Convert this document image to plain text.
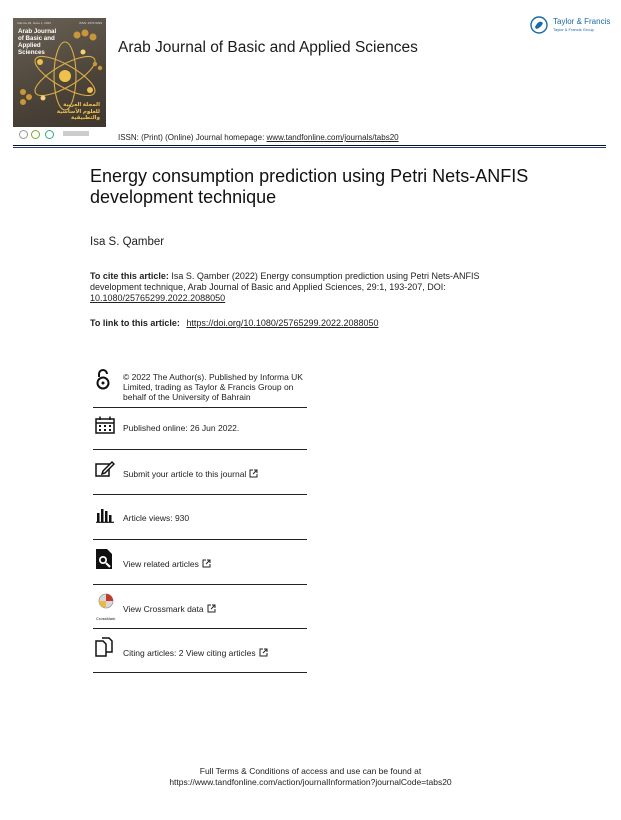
Volume 29, Issue 1, 2022	ISSN: 2576-5299
Arab Journal of Basic and Applied Sciences
المجلة العربية للعلوم الأساسية والتطبيقية
Arab Journal of Basic and Applied Sciences
Taylor & Francis
Taylor & Francis Group
ISSN: (Print) (Online) Journal homepage: www.tandfonline.com/journals/tabs20
Energy consumption prediction using Petri Nets-ANFIS development technique
Isa S. Qamber
To cite this article: Isa S. Qamber (2022) Energy consumption prediction using Petri Nets-ANFIS development technique, Arab Journal of Basic and Applied Sciences, 29:1, 193-207, DOI: 10.1080/25765299.2022.2088050
To link to this article: https://doi.org/10.1080/25765299.2022.2088050
© 2022 The Author(s). Published by Informa UK Limited, trading as Taylor & Francis Group on behalf of the University of Bahrain
Published online: 26 Jun 2022.
Submit your article to this journal
Article views: 930
View related articles
CrossMark
View Crossmark data
Citing articles: 2 View citing articles
Full Terms & Conditions of access and use can be found at
https://www.tandfonline.com/action/journalInformation?journalCode=tabs20
